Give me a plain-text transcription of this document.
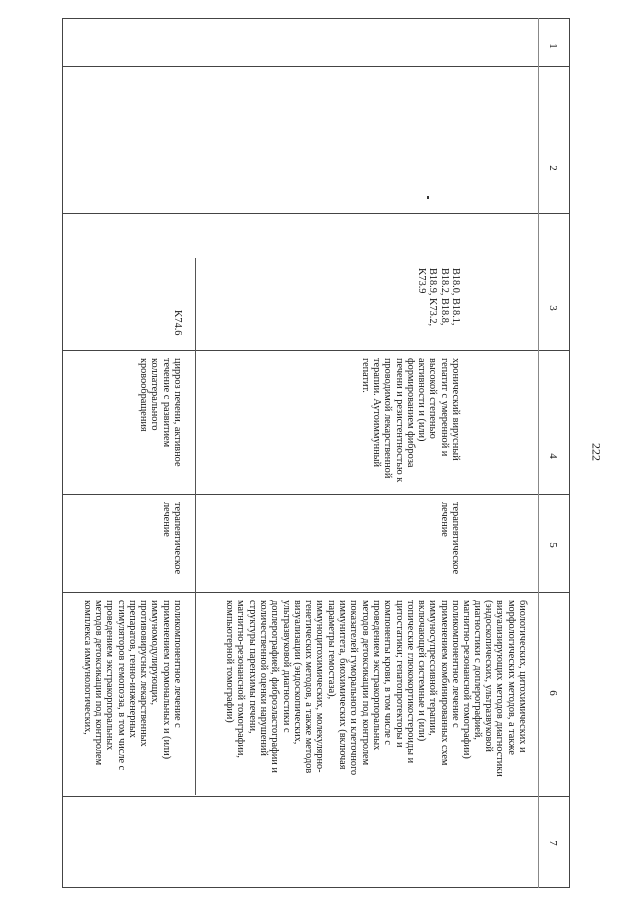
222
1
2
3
4
5
6
7
биологических, цитохимических и
морфологических методов, а также
визуализирующих методов диагностики
(эндоскопических, ультразвуковой
диагностики с доплерографией,
магнитно-резонансной томографии)
B18.0, B18.1,
B18.2, B18.8,
B18.9, K73.2,
K73.9
хронический вирусный
гепатит с умеренной и
высокой степенью
активности и (или)
формированием фиброза
печени и резистентностью к
проводимой лекарственной
терапии. Аутоиммунный
гепатит.
терапевтическое
лечение
поликомпонентное лечение с
применением комбинированных схем
иммуносупрессивной терапии,
включающей системные и (или)
топические глюкокортикостероиды и
цитостатики; гепатопротекторы и
компоненты крови, в том числе с
проведением экстракорпоральных
методов детоксикации под контролем
показателей гуморального и клеточного
иммунитета, биохимических (включая
параметры гемостаза),
иммуноцитохимических, молекулярно-
генетических методов, а также методов
визуализации (эндоскопических,
ультразвуковой диагностики с
доплерографией, фиброэластографии и
количественной оценки нарушений
структуры паренхимы печени,
магнитно-резонансной томографии,
компьютерной томографии)
K74.6
цирроз печени, активное
течение с развитием
коллатерального
кровообращения
терапевтическое
лечение
поликомпонентное лечение с
применением гормональных и (или)
иммуномодулирующих,
противовирусных лекарственных
препаратов, генно-инженерных
стимуляторов гемопоэза, в том числе с
проведением экстракорпоральных
методов детоксикации под контролем
комплекса иммунологических,
